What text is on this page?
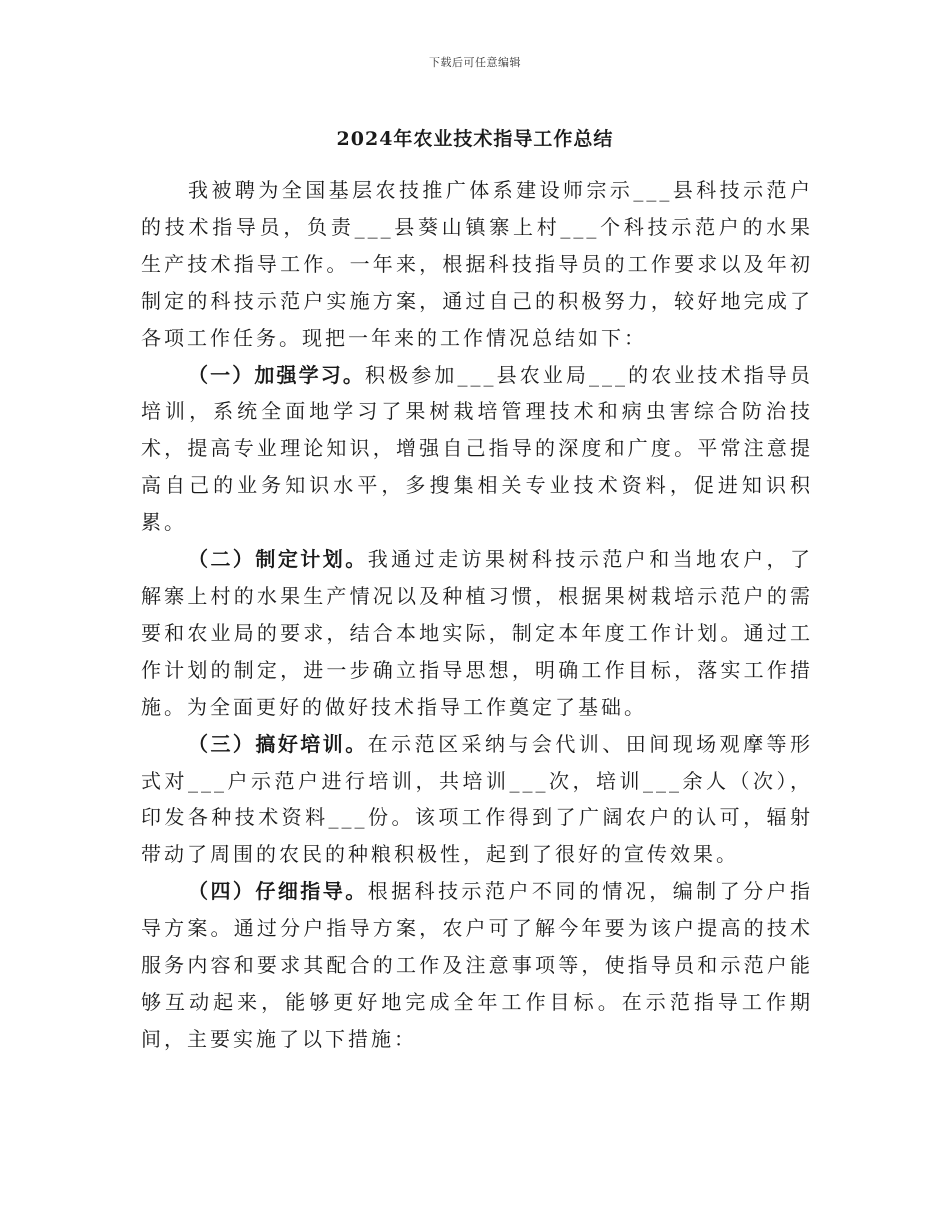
下载后可任意编辑
2024年农业技术指导工作总结

我被聘为全国基层农技推广体系建设师宗示___县科技示范户的技术指导员，负责___县葵山镇寨上村___个科技示范户的水果生产技术指导工作。一年来，根据科技指导员的工作要求以及年初制定的科技示范户实施方案，通过自己的积极努力，较好地完成了各项工作任务。现把一年来的工作情况总结如下：

（一）加强学习。积极参加___县农业局___的农业技术指导员培训，系统全面地学习了果树栽培管理技术和病虫害综合防治技术，提高专业理论知识，增强自己指导的深度和广度。平常注意提高自己的业务知识水平，多搜集相关专业技术资料，促进知识积累。

（二）制定计划。我通过走访果树科技示范户和当地农户，了解寨上村的水果生产情况以及种植习惯，根据果树栽培示范户的需要和农业局的要求，结合本地实际，制定本年度工作计划。通过工作计划的制定，进一步确立指导思想，明确工作目标，落实工作措施。为全面更好的做好技术指导工作奠定了基础。

（三）搞好培训。在示范区采纳与会代训、田间现场观摩等形式对___户示范户进行培训，共培训___次，培训___余人（次），印发各种技术资料___份。该项工作得到了广阔农户的认可，辐射带动了周围的农民的种粮积极性，起到了很好的宣传效果。

（四）仔细指导。根据科技示范户不同的情况，编制了分户指导方案。通过分户指导方案，农户可了解今年要为该户提高的技术服务内容和要求其配合的工作及注意事项等，使指导员和示范户能够互动起来，能够更好地完成全年工作目标。在示范指导工作期间，主要实施了以下措施：
